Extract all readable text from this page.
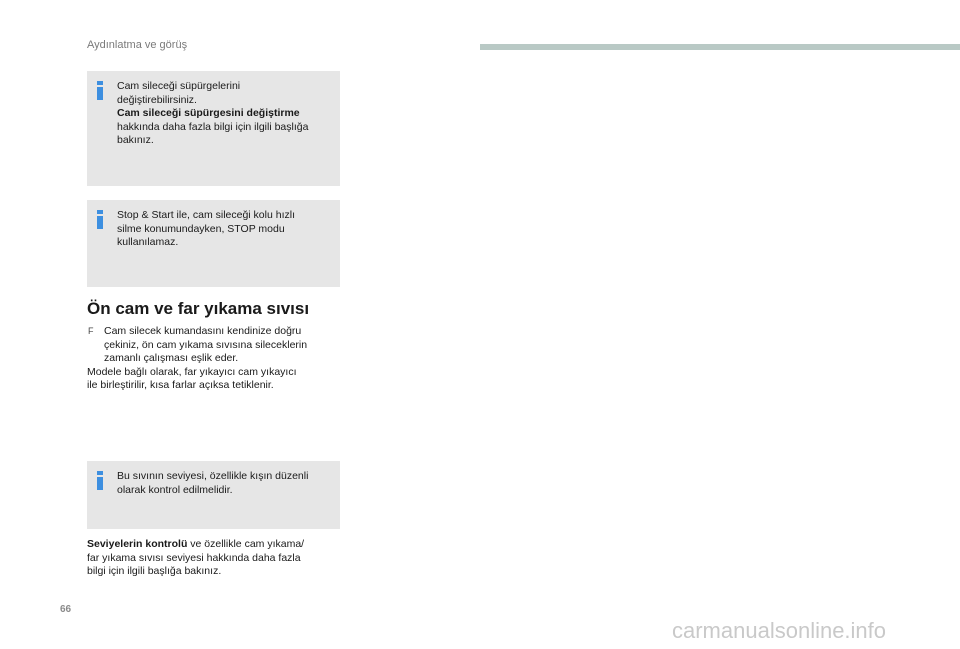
Aydınlatma ve görüş

Cam sileceği süpürgelerini

değiştirebilirsiniz.

Cam sileceği süpürgesini değiştirme

hakkında daha fazla bilgi için ilgili başlığa

bakınız.

Stop & Start ile, cam sileceği kolu hızlı

silme konumundayken, STOP modu

kullanılamaz.

Ön cam ve far yıkama sıvısı
F	Cam silecek kumandasını kendinize doğru
çekiniz, ön cam yıkama sıvısına sileceklerin
zamanlı çalışması eşlik eder.

Modele bağlı olarak, far yıkayıcı cam yıkayıcı

ile birleştirilir, kısa farlar açıksa tetiklenir.

Bu sıvının seviyesi, özellikle kışın düzenli

olarak kontrol edilmelidir.

Seviyelerin kontrolü ve özellikle cam yıkama/

far yıkama sıvısı seviyesi hakkında daha fazla

bilgi için ilgili başlığa bakınız.

66
carmanualsonline.info
